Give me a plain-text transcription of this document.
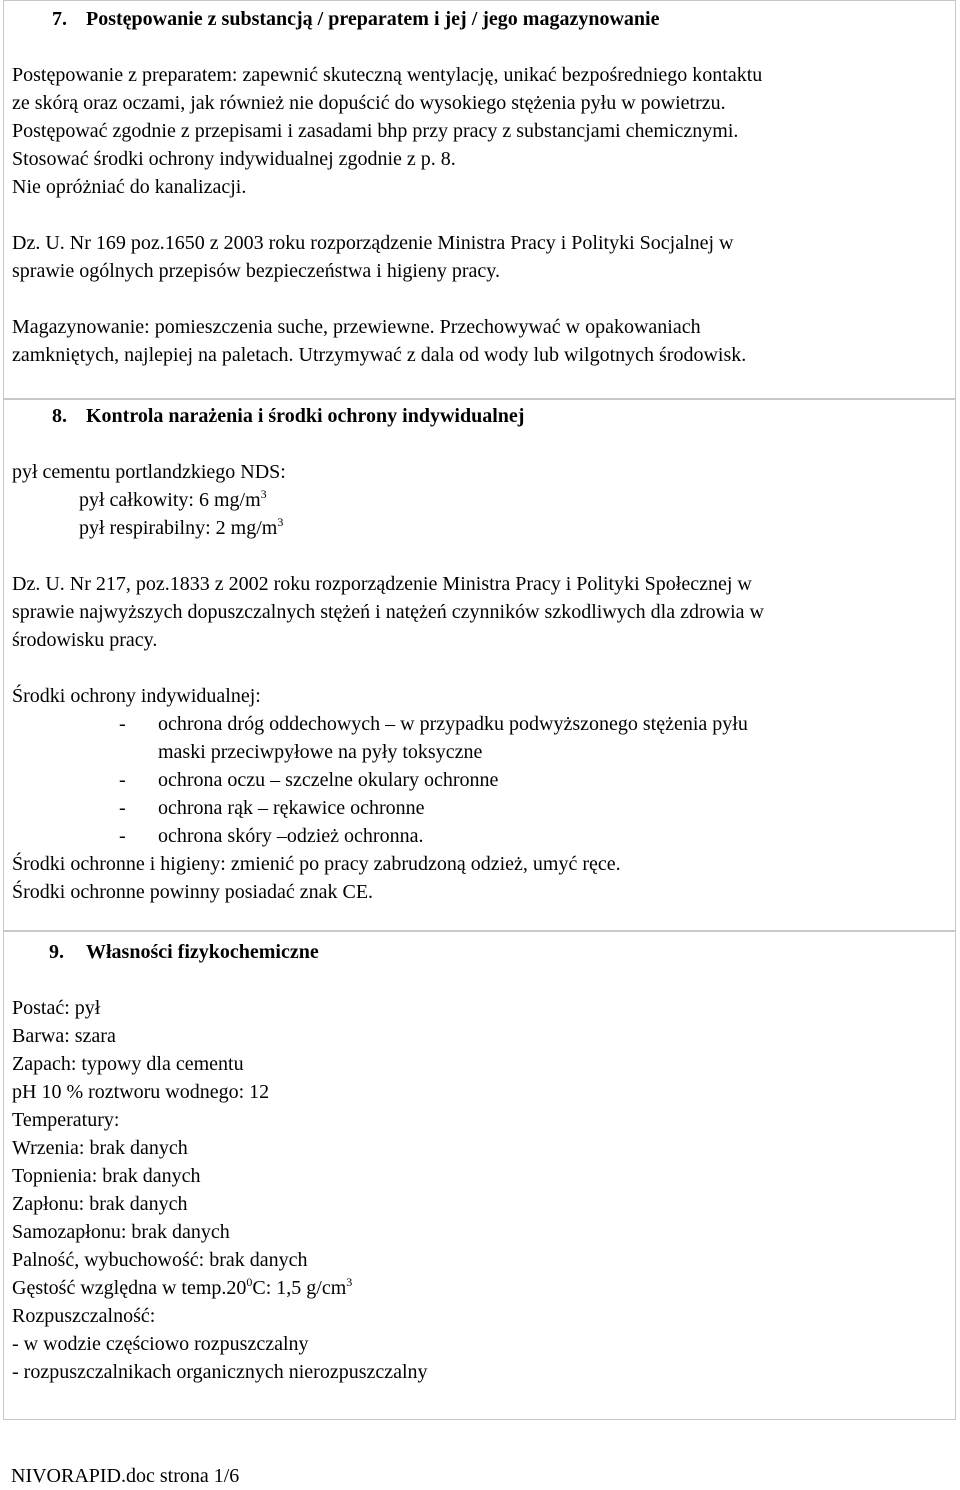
7. Postępowanie z substancją / preparatem i jej / jego magazynowanie

Postępowanie z preparatem: zapewnić skuteczną wentylację, unikać bezpośredniego kontaktu

ze skórą oraz oczami, jak również nie dopuścić do wysokiego stężenia pyłu w powietrzu.

Postępować zgodnie z przepisami i zasadami bhp przy pracy z substancjami chemicznymi.

Stosować środki ochrony indywidualnej zgodnie z p. 8.

Nie opróżniać do kanalizacji.

Dz. U. Nr 169 poz.1650 z 2003 roku rozporządzenie Ministra Pracy i Polityki Socjalnej w

sprawie ogólnych przepisów bezpieczeństwa i higieny pracy.

Magazynowanie: pomieszczenia suche, przewiewne. Przechowywać w opakowaniach

zamkniętych, najlepiej na paletach. Utrzymywać z dala od wody lub wilgotnych środowisk.

8. Kontrola narażenia i środki ochrony indywidualnej

pył cementu portlandzkiego NDS:

pył całkowity: 6 $mg/m^3$

pył respirabilny: 2 $mg/m^3$

Dz. U. Nr 217, poz.1833 z 2002 roku rozporządzenie Ministra Pracy i Polityki Społecznej w

sprawie najwyższych dopuszczalnych stężeń i natężeń czynników szkodliwych dla zdrowia w

środowisku pracy.

Środki ochrony indywidualnej:

-	ochrona dróg oddechowych – w przypadku podwyższonego stężenia pyłu

maski przeciwpyłowe na pyły toksyczne

-	ochrona oczu – szczelne okulary ochronne
-	ochrona rąk – rękawice ochronne
-	ochrona skóry –odzież ochronna.

Środki ochronne i higieny: zmienić po pracy zabrudzoną odzież, umyć ręce.

Środki ochronne powinny posiadać znak CE.

9.	Własności fizykochemiczne

Postać: pył

Barwa: szara

Zapach: typowy dla cementu

pH 10 % roztworu wodnego: 12

Temperatury:

Wrzenia: brak danych

Topnienia: brak danych

Zapłonu: brak danych

Samozapłonu: brak danych

Palność, wybuchowość: brak danych

Gęstość względna w $temp.20^0C$: 1,5 $g/cm^3$

Rozpuszczalność:

- w wodzie częściowo rozpuszczalny

- rozpuszczalnikach organicznych nierozpuszczalny

NIVORAPID.doc strona 1/6
